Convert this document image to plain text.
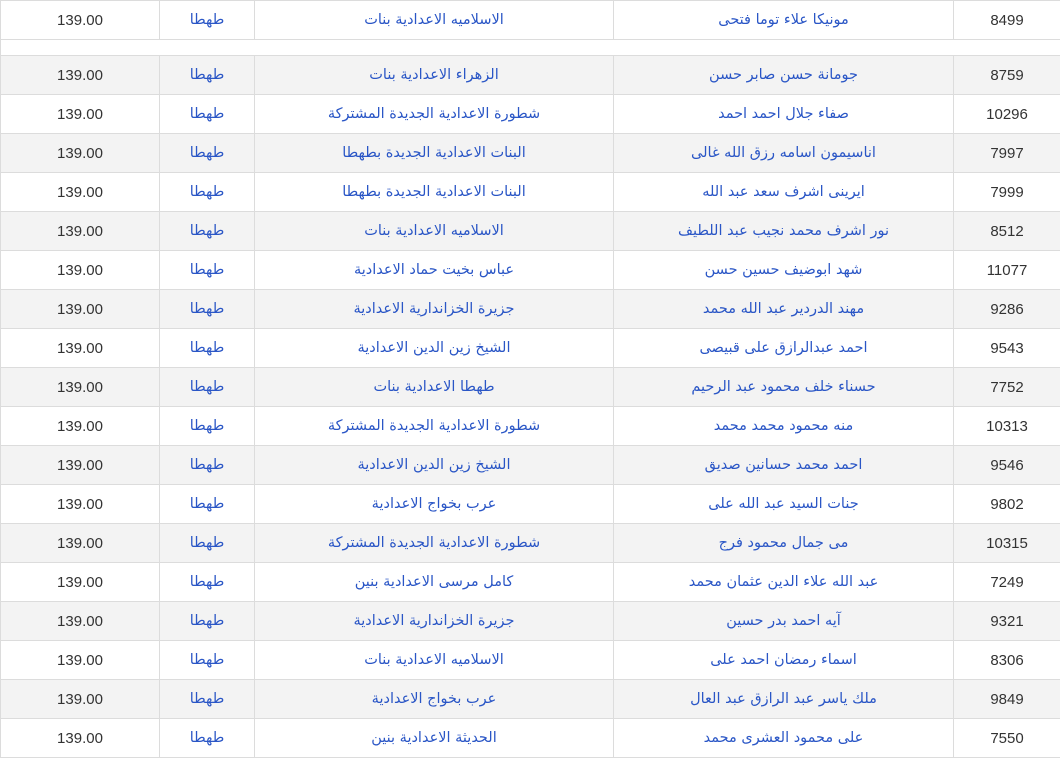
8499	مونيكا علاء توما فتحى	الاسلاميه الاعدادية بنات	طهطا	139.00

8759	جومانة حسن صابر حسن	الزهراء الاعدادية بنات	طهطا	139.00
10296	صفاء جلال احمد احمد	شطورة الاعدادية الجديدة المشتركة	طهطا	139.00
7997	اناسيمون اسامه رزق الله غالى	البنات الاعدادية الجديدة بطهطا	طهطا	139.00
7999	ايرينى اشرف سعد عبد الله	البنات الاعدادية الجديدة بطهطا	طهطا	139.00
8512	نور اشرف محمد نجيب عبد اللطيف	الاسلاميه الاعدادية بنات	طهطا	139.00
11077	شهد ابوضيف حسين حسن	عباس بخيت حماد الاعدادية	طهطا	139.00
9286	مهند الدردير عبد الله محمد	جزيرة الخزاندارية الاعدادية	طهطا	139.00
9543	احمد عبدالرازق على قبيصى	الشيخ زين الدين الاعدادية	طهطا	139.00
7752	حسناء خلف محمود عبد الرحيم	طهطا الاعدادية بنات	طهطا	139.00
10313	منه محمود محمد محمد	شطورة الاعدادية الجديدة المشتركة	طهطا	139.00
9546	احمد محمد حسانين صديق	الشيخ زين الدين الاعدادية	طهطا	139.00
9802	جنات السيد عبد الله على	عرب بخواج الاعدادية	طهطا	139.00
10315	مى جمال محمود فرج	شطورة الاعدادية الجديدة المشتركة	طهطا	139.00
7249	عبد الله علاء الدين عثمان محمد	كامل مرسى الاعدادية بنين	طهطا	139.00
9321	آيه احمد بدر حسين	جزيرة الخزاندارية الاعدادية	طهطا	139.00
8306	اسماء رمضان احمد على	الاسلاميه الاعدادية بنات	طهطا	139.00
9849	ملك ياسر عبد الرازق عبد العال	عرب بخواج الاعدادية	طهطا	139.00
7550	على محمود العشرى محمد	الحديثة الاعدادية بنين	طهطا	139.00
